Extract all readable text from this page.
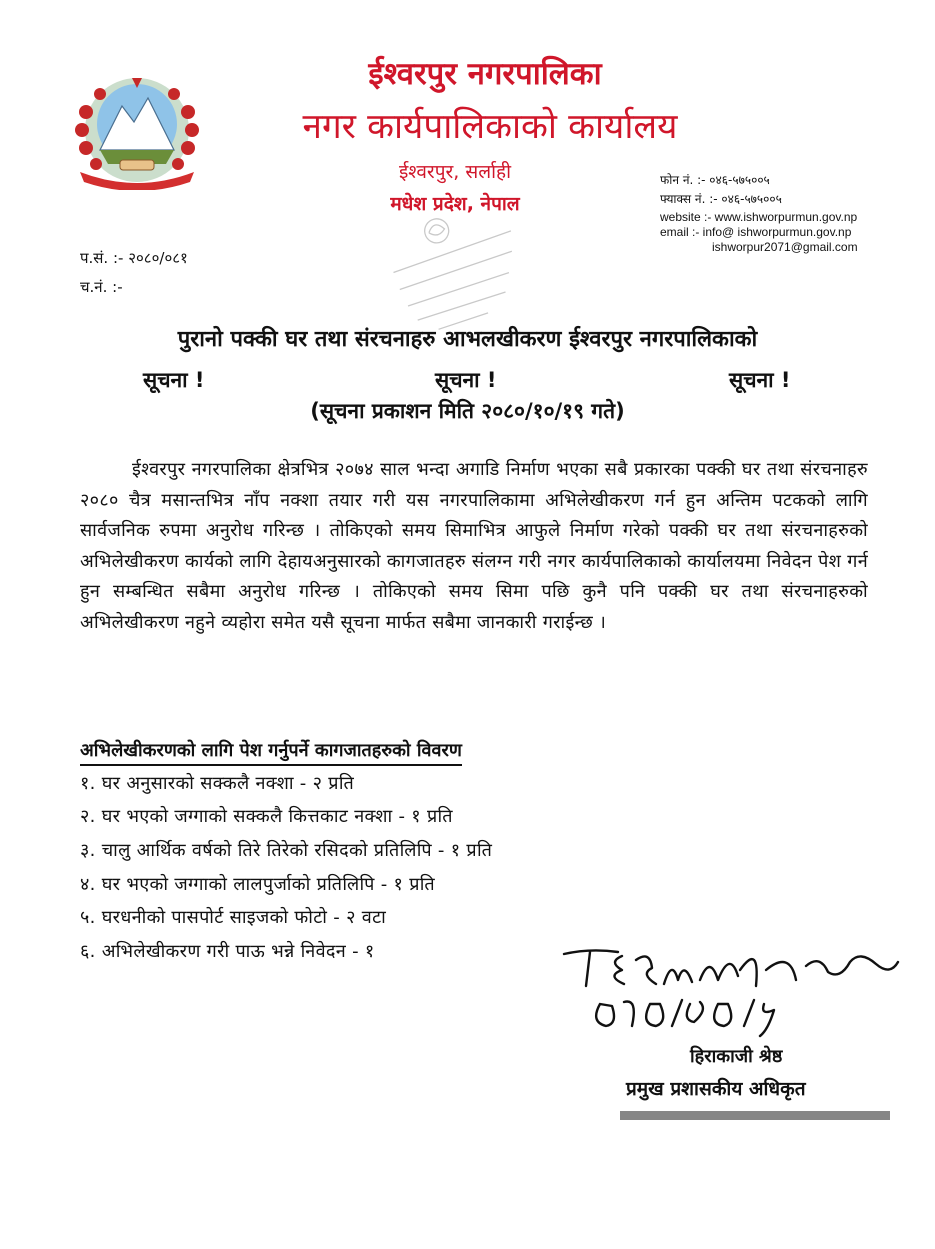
ईश्वरपुर नगरपालिका
नगर कार्यपालिकाको कार्यालय
ईश्वरपुर, सर्लाही
मधेश प्रदेश, नेपाल
फोन नं. :- ०४६-५७५००५
फ्याक्स नं. :- ०४६-५७५००५
website :- www.ishworpurmun.gov.np
email :- info@ ishworpurmun.gov.np
ishworpur2071@gmail.com
प.सं. :- २०८०/०८१
च.नं. :-
पुरानो पक्की घर तथा संरचनाहरु आभलखीकरण ईश्वरपुर नगरपालिकाको
सूचना !	सूचना !	सूचना !
(सूचना प्रकाशन मिति २०८०/१०/१९ गते)
ईश्वरपुर नगरपालिका क्षेत्रभित्र २०७४ साल भन्दा अगाडि निर्माण भएका सबै प्रकारका पक्की घर तथा संरचनाहरु २०८० चैत्र मसान्तभित्र नाँप नक्शा तयार गरी यस नगरपालिकामा अभिलेखीकरण गर्न हुन अन्तिम पटकको लागि सार्वजनिक रुपमा अनुरोध गरिन्छ । तोकिएको समय सिमाभित्र आफुले निर्माण गरेको पक्की घर तथा संरचनाहरुको अभिलेखीकरण कार्यको लागि देहायअनुसारको कागजातहरु संलग्न गरी नगर कार्यपालिकाको कार्यालयमा निवेदन पेश गर्न हुन सम्बन्धित सबैमा अनुरोध गरिन्छ । तोकिएको समय सिमा पछि कुनै पनि पक्की घर तथा संरचनाहरुको अभिलेखीकरण नहुने व्यहोरा समेत यसै सूचना मार्फत सबैमा जानकारी गराईन्छ ।
अभिलेखीकरणको लागि पेश गर्नुपर्ने कागजातहरुको विवरण
१. घर अनुसारको सक्कलै नक्शा - २ प्रति
२. घर भएको जग्गाको सक्कलै कित्तकाट नक्शा - १ प्रति
३. चालु आर्थिक वर्षको तिरे तिरेको रसिदको प्रतिलिपि - १ प्रति
४. घर भएको जग्गाको लालपुर्जाको प्रतिलिपि - १ प्रति
५. घरधनीको पासपोर्ट साइजको फोटो - २ वटा
६. अभिलेखीकरण गरी पाऊ भन्ने निवेदन - १
हिराकाजी श्रेष्ठ
प्रमुख प्रशासकीय अधिकृत
